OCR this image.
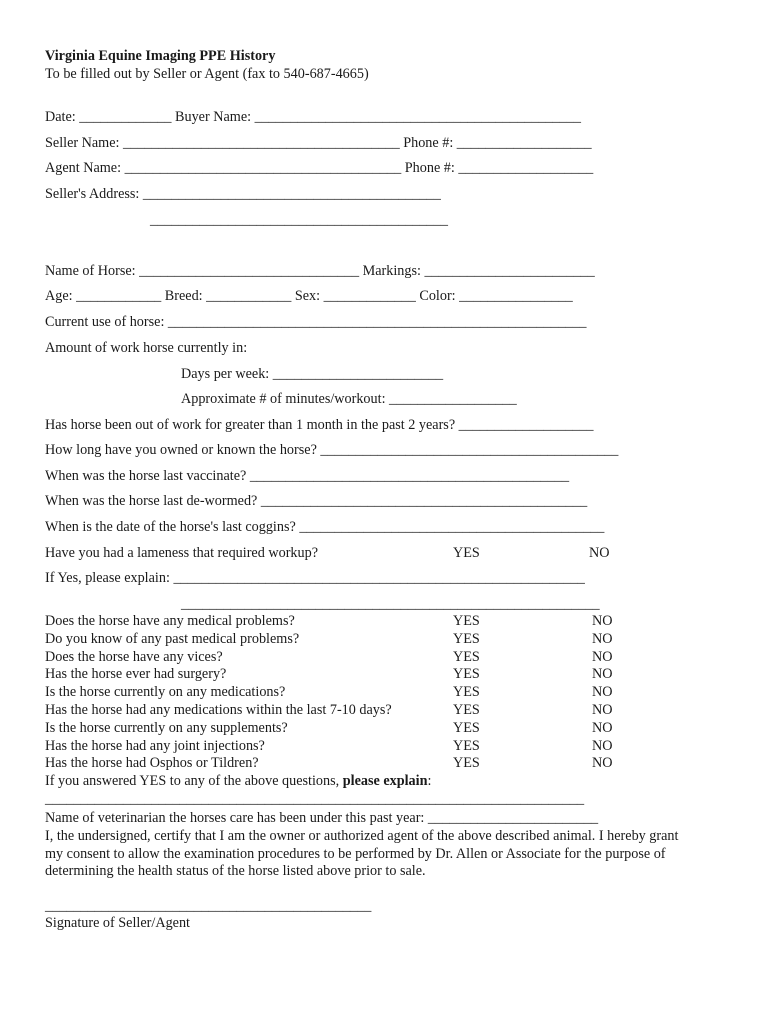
Virginia Equine Imaging PPE History
To be filled out by Seller or Agent (fax to 540-687-4665)
Date: _____________ Buyer Name: ______________________________________________
Seller Name: _______________________________________ Phone #: ___________________
Agent Name: _______________________________________ Phone #: ___________________
Seller's Address: __________________________________________
__________________________________________
Name of Horse: _______________________________ Markings: ________________________
Age: ____________ Breed: ____________ Sex: _____________ Color: ________________
Current use of horse: ___________________________________________________________
Amount of work horse currently in:
Days per week: ________________________
Approximate # of minutes/workout: __________________
Has horse been out of work for greater than 1 month in the past 2 years? ___________________
How long have you owned or known the horse? __________________________________________
When was the horse last vaccinate? _____________________________________________
When was the horse last de-wormed? ______________________________________________
When is the date of the horse's last coggins? ___________________________________________
Have you had a lameness that required workup?	YES	NO
If Yes, please explain: __________________________________________________________
___________________________________________________________
Does the horse have any medical problems?	YES	NO
Do you know of any past medical problems?	YES	NO
Does the horse have any vices?	YES	NO
Has the horse ever had surgery?	YES	NO
Is the horse currently on any medications?	YES	NO
Has the horse had any medications within the last 7-10 days?	YES	NO
Is the horse currently on any supplements?	YES	NO
Has the horse had any joint injections?	YES	NO
Has the horse had Osphos or Tildren?	YES	NO
If you answered YES to any of the above questions, please explain:
____________________________________________________________________________
Name of veterinarian the horses care has been under this past year: ________________________
I, the undersigned, certify that I am the owner or authorized agent of the above described animal. I hereby grant
my consent to allow the examination procedures to be performed by Dr. Allen or Associate for the purpose of
determining the health status of the horse listed above prior to sale.
______________________________________________
Signature of Seller/Agent
